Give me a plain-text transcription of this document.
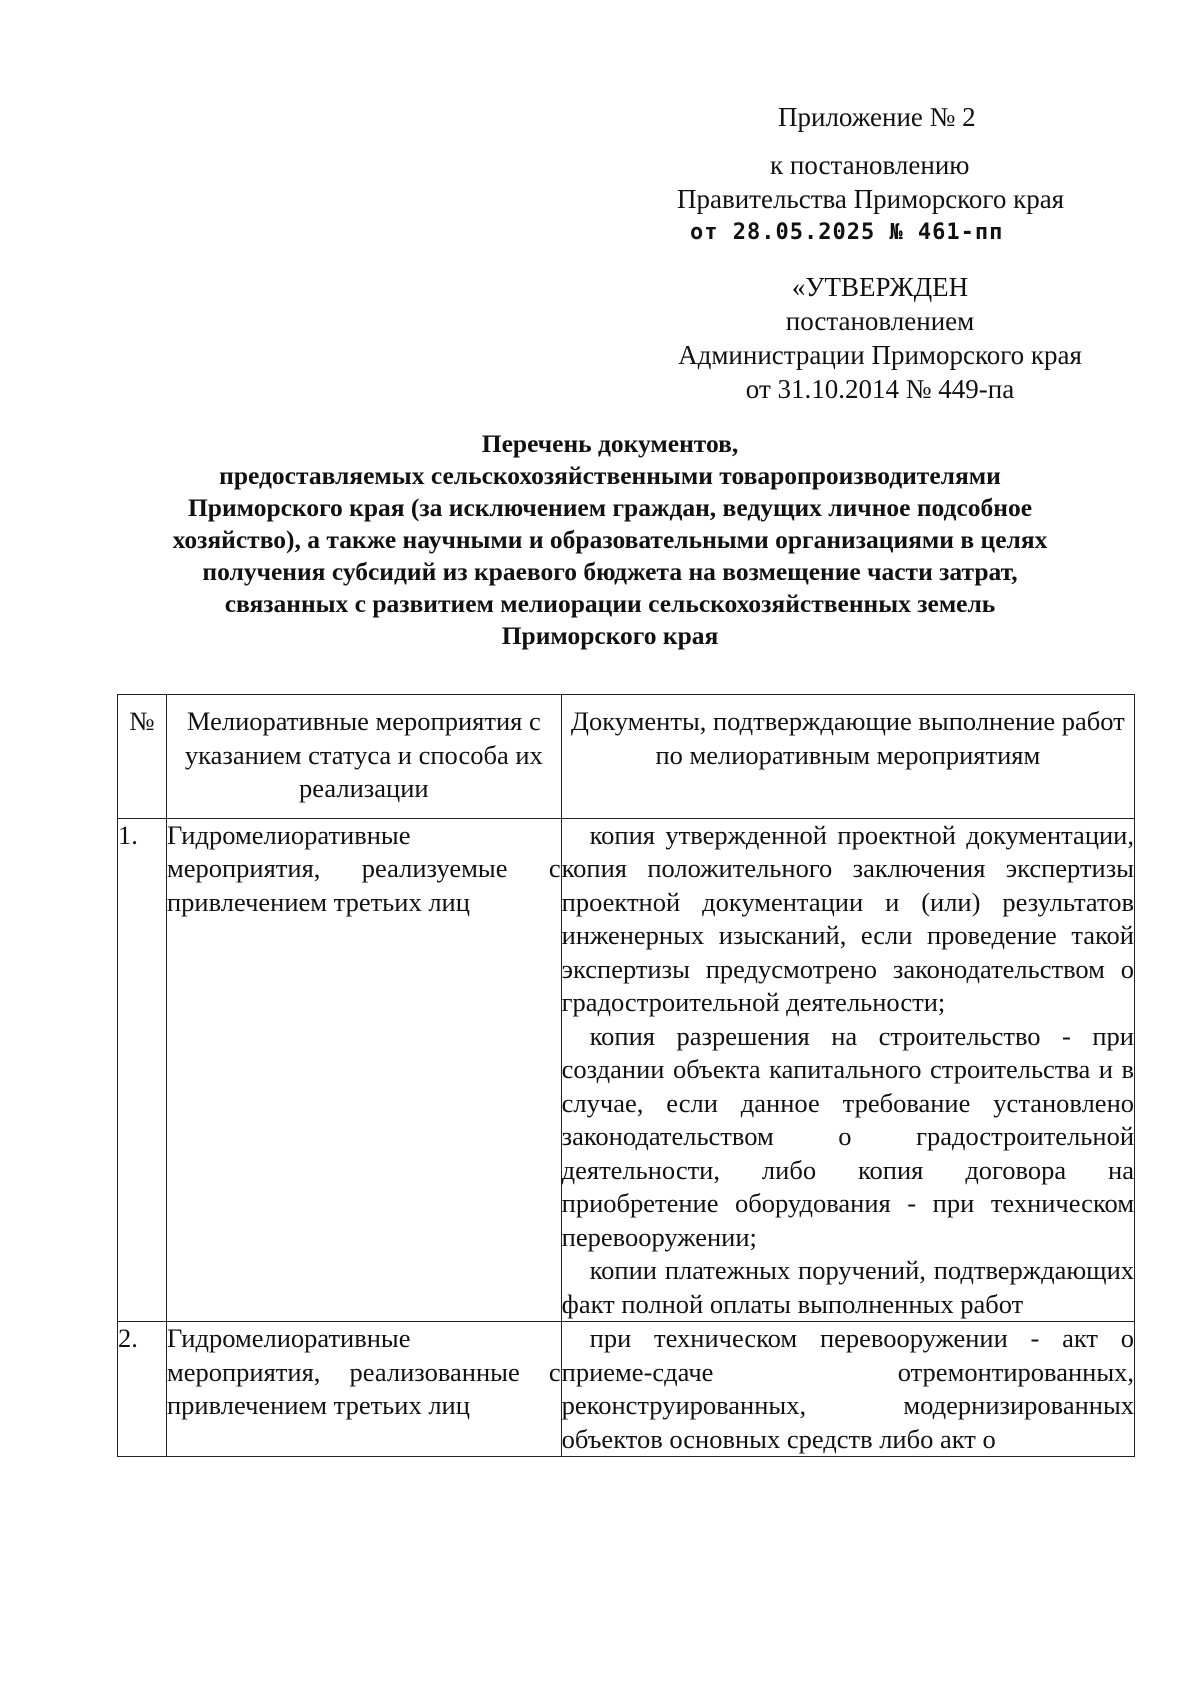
Приложение № 2
к постановлению
Правительства Приморского края
от 28.05.2025 № 461-пп
«УТВЕРЖДЕН
постановлением
Администрации Приморского края
от 31.10.2014 № 449-па
Перечень документов,
предоставляемых сельскохозяйственными товаропроизводителями
Приморского края (за исключением граждан, ведущих личное подсобное
хозяйство), а также научными и образовательными организациями в целях
получения субсидий из краевого бюджета на возмещение части затрат,
связанных с развитием мелиорации сельскохозяйственных земель
Приморского края
№	Мелиоративные мероприятия с указанием статуса и способа их реализации	Документы, подтверждающие выполнение работ по мелиоративным мероприятиям
1.	Гидромелиоративные мероприятия, реализуемые с привлечением третьих лиц	копия утвержденной проектной документации, копия положительного заключения экспертизы проектной документации и (или) результатов инженерных изысканий, если проведение такой экспертизы предусмотрено законодательством о градостроительной деятельности;
копия разрешения на строительство - при создании объекта капитального строительства и в случае, если данное требование установлено законодательством о градостроительной деятельности, либо копия договора на приобретение оборудования - при техническом перевооружении;
копии платежных поручений, подтверждающих факт полной оплаты выполненных работ

2.	Гидромелиоративные мероприятия, реализованные с привлечением третьих лиц	при техническом перевооружении - акт о приеме-сдаче отремонтированных, реконструированных, модернизированных объектов основных средств либо акт о
